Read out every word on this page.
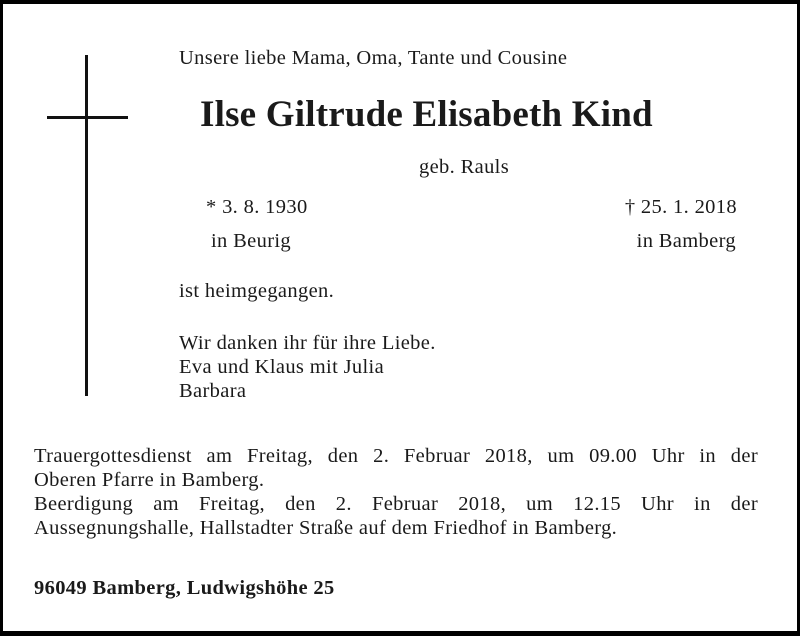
Unsere liebe Mama, Oma, Tante und Cousine
Ilse Giltrude Elisabeth Kind
geb. Rauls
* 3. 8. 1930	† 25. 1. 2018
in Beurig	in Bamberg
ist heimgegangen.
Wir danken ihr für ihre Liebe.
Eva und Klaus mit Julia
Barbara
Trauergottesdienst am Freitag, den 2. Februar 2018, um 09.00 Uhr in der
Oberen Pfarre in Bamberg.
Beerdigung am Freitag, den 2. Februar 2018, um 12.15 Uhr in der
Aussegnungshalle, Hallstadter Straße auf dem Friedhof in Bamberg.
96049 Bamberg, Ludwigshöhe 25
